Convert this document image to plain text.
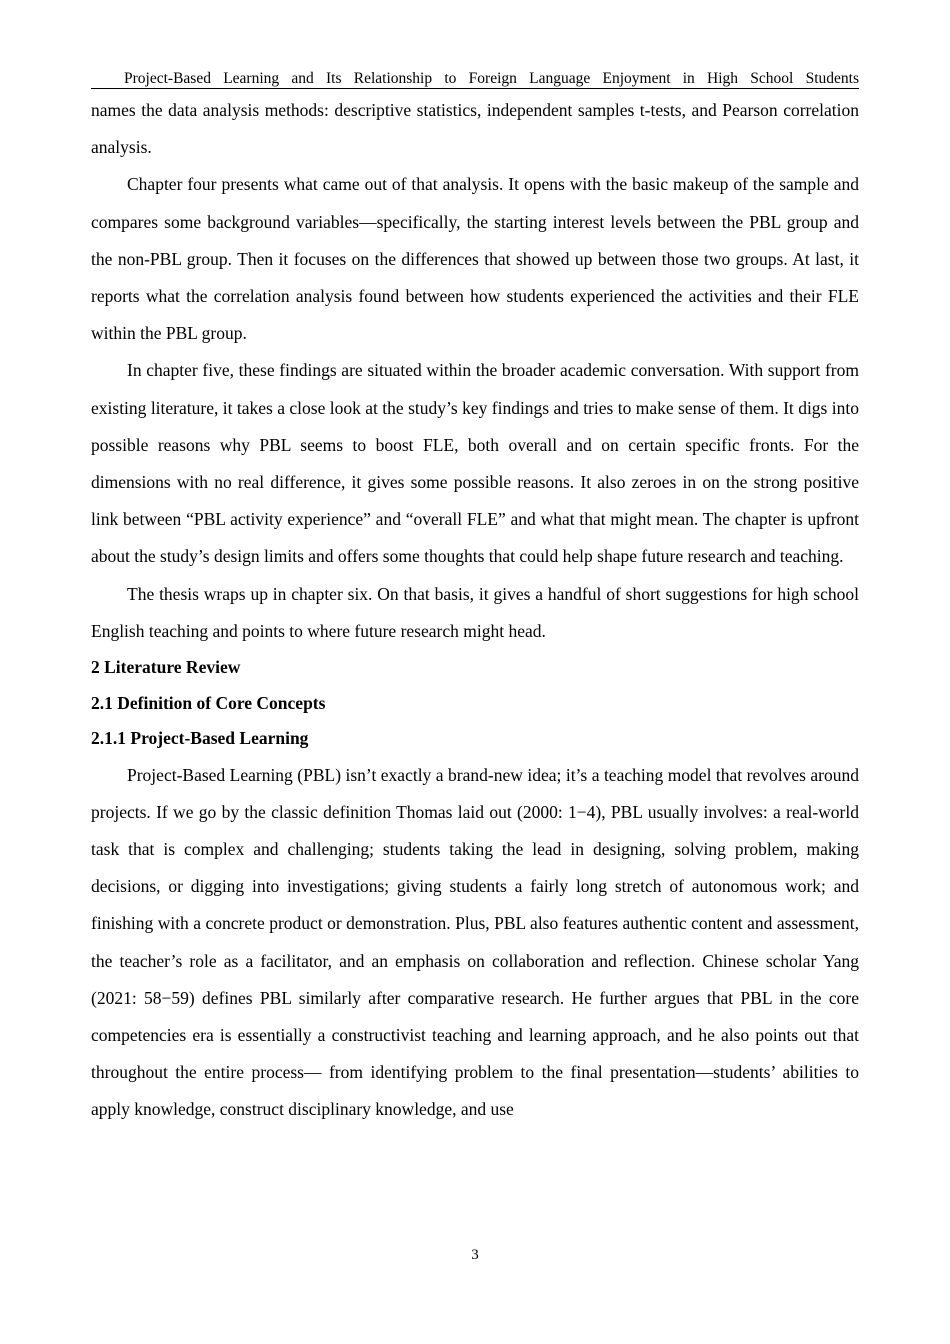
Project-Based Learning and Its Relationship to Foreign Language Enjoyment in High School Students

names the data analysis methods: descriptive statistics, independent samples t-tests, and Pearson correlation analysis.

Chapter four presents what came out of that analysis. It opens with the basic makeup of the sample and compares some background variables—specifically, the starting interest levels between the PBL group and the non-PBL group. Then it focuses on the differences that showed up between those two groups. At last, it reports what the correlation analysis found between how students experienced the activities and their FLE within the PBL group.

In chapter five, these findings are situated within the broader academic conversation. With support from existing literature, it takes a close look at the study’s key findings and tries to make sense of them. It digs into possible reasons why PBL seems to boost FLE, both overall and on certain specific fronts. For the dimensions with no real difference, it gives some possible reasons. It also zeroes in on the strong positive link between “PBL activity experience” and “overall FLE” and what that might mean. The chapter is upfront about the study’s design limits and offers some thoughts that could help shape future research and teaching.

The thesis wraps up in chapter six. On that basis, it gives a handful of short suggestions for high school English teaching and points to where future research might head.

2 Literature Review
2.1 Definition of Core Concepts
2.1.1 Project-Based Learning

Project-Based Learning (PBL) isn’t exactly a brand-new idea; it’s a teaching model that revolves around projects. If we go by the classic definition Thomas laid out (2000: 1−4), PBL usually involves: a real-world task that is complex and challenging; students taking the lead in designing, solving problem, making decisions, or digging into investigations; giving students a fairly long stretch of autonomous work; and finishing with a concrete product or demonstration. Plus, PBL also features authentic content and assessment, the teacher’s role as a facilitator, and an emphasis on collaboration and reflection. Chinese scholar Yang (2021: 58−59) defines PBL similarly after comparative research. He further argues that PBL in the core competencies era is essentially a constructivist teaching and learning approach, and he also points out that throughout the entire process— from identifying problem to the final presentation—students’ abilities to apply knowledge, construct disciplinary knowledge, and use

3
